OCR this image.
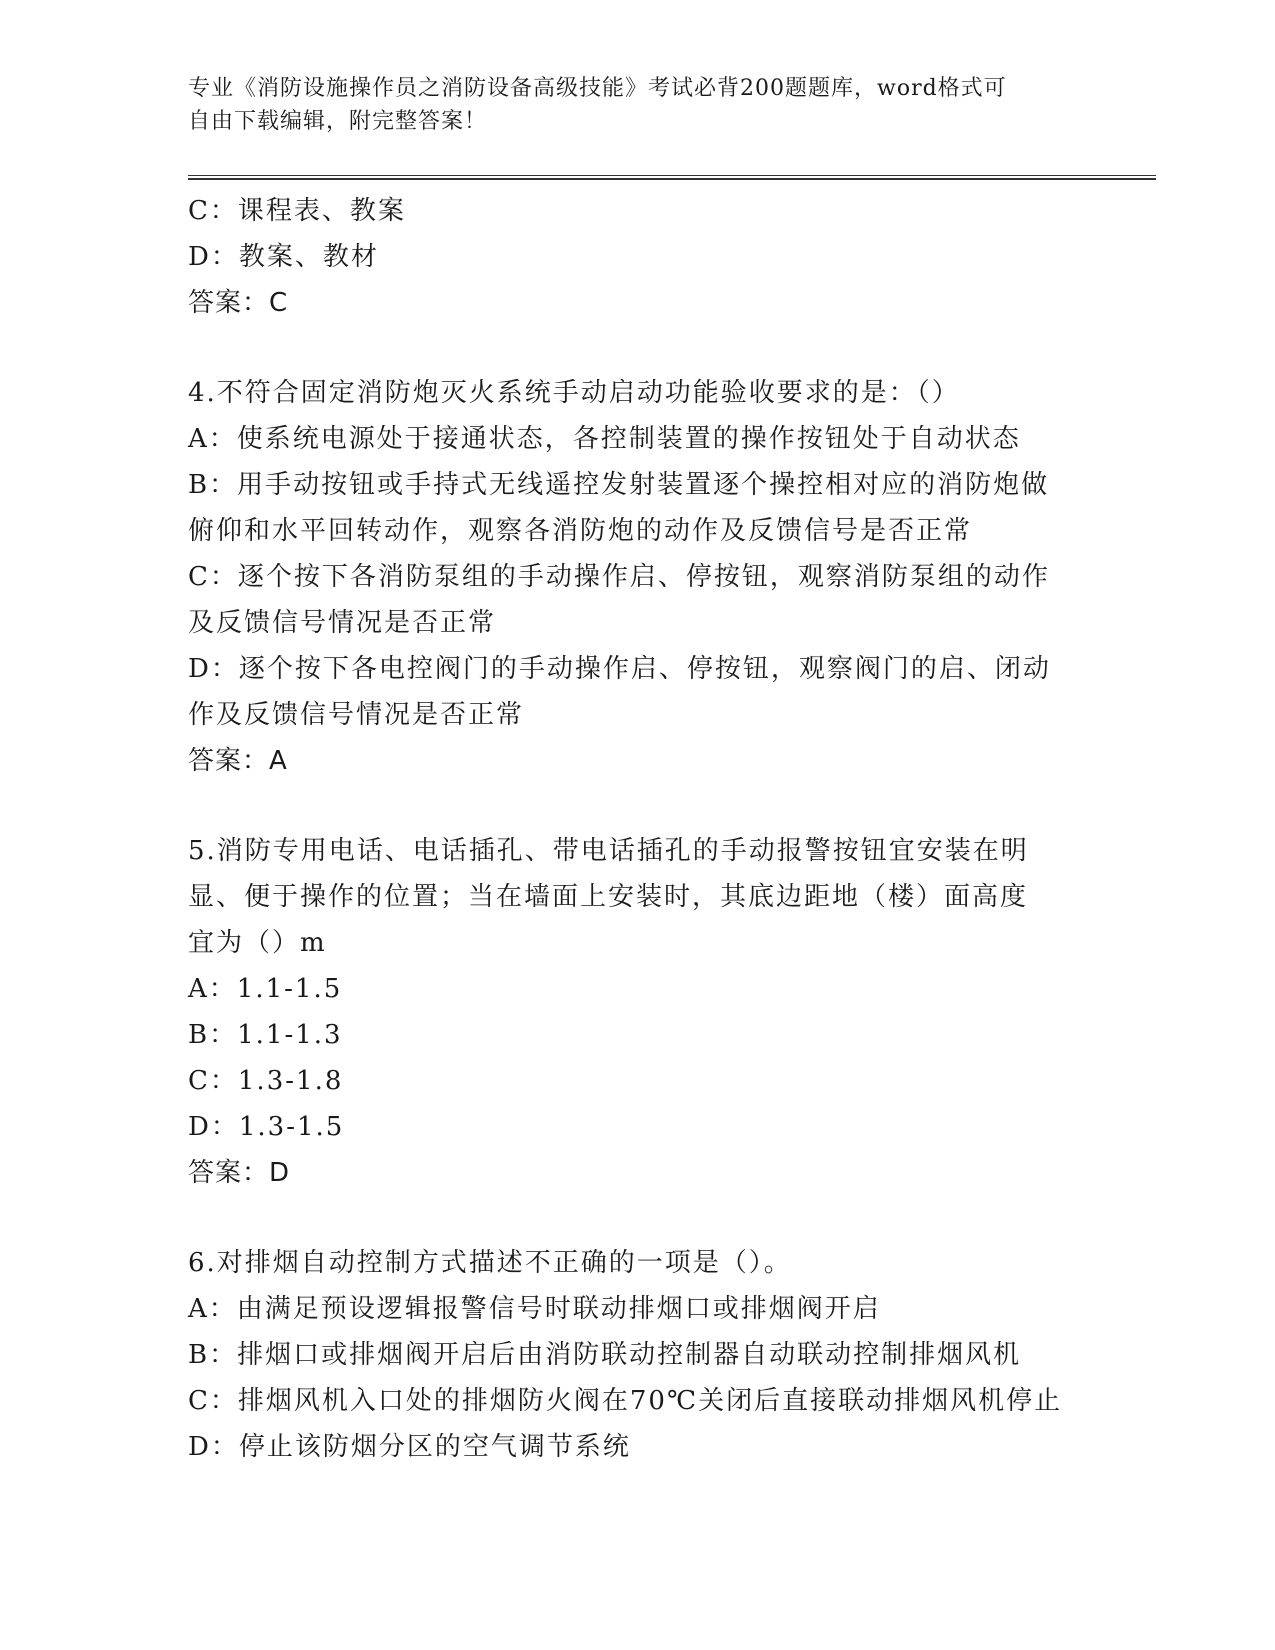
专业《消防设施操作员之消防设备高级技能》考试必背200题题库，word格式可

自由下载编辑，附完整答案！

C：课程表、教案

D：教案、教材

答案：C

4.不符合固定消防炮灭火系统手动启动功能验收要求的是：（）

A：使系统电源处于接通状态，各控制装置的操作按钮处于自动状态

B：用手动按钮或手持式无线遥控发射装置逐个操控相对应的消防炮做

俯仰和水平回转动作，观察各消防炮的动作及反馈信号是否正常

C：逐个按下各消防泵组的手动操作启、停按钮，观察消防泵组的动作

及反馈信号情况是否正常

D：逐个按下各电控阀门的手动操作启、停按钮，观察阀门的启、闭动

作及反馈信号情况是否正常

答案：A

5.消防专用电话、电话插孔、带电话插孔的手动报警按钮宜安装在明

显、便于操作的位置；当在墙面上安装时，其底边距地（楼）面高度

宜为（）m

A：1.1-1.5

B：1.1-1.3

C：1.3-1.8

D：1.3-1.5

答案：D

6.对排烟自动控制方式描述不正确的一项是（）。

A：由满足预设逻辑报警信号时联动排烟口或排烟阀开启

B：排烟口或排烟阀开启后由消防联动控制器自动联动控制排烟风机

C：排烟风机入口处的排烟防火阀在70℃关闭后直接联动排烟风机停止

D：停止该防烟分区的空气调节系统
